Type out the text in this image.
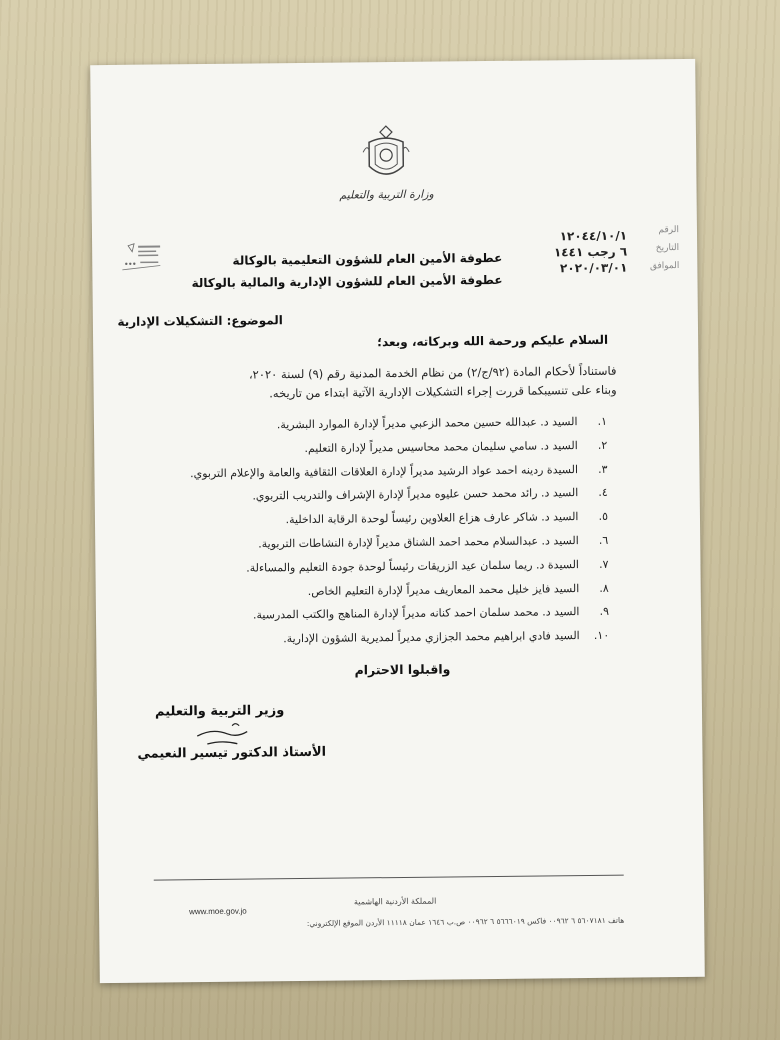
وزارة التربية والتعليم
الرقم
التاريخ
الموافق
١٢٠٤٤/١٠/١
٦ رجب ١٤٤١
٢٠٢٠/٠٣/٠١
عطوفة الأمين العام للشؤون التعليمية بالوكالة
عطوفة الأمين العام للشؤون الإدارية والمالية بالوكالة
الموضوع: التشكيلات الإدارية
السلام عليكم ورحمة الله وبركاته، وبعد؛
فاستناداً لأحكام المادة (٩٢/ج/٢) من نظام الخدمة المدنية رقم (٩) لسنة ٢٠٢٠،
وبناء على تنسيبكما قررت إجراء التشكيلات الإدارية الآتية ابتداء من تاريخه.
١. السيد د. عبدالله حسين محمد الزعبي مديراً لإدارة الموارد البشرية.
٢. السيد د. سامي سليمان محمد محاسيس مديراً لإدارة التعليم.
٣. السيدة ردينه احمد عواد الرشيد مديراً لإدارة العلاقات الثقافية والعامة والإعلام التربوي.
٤. السيد د. رائد محمد حسن عليوه مديراً لإدارة الإشراف والتدريب التربوي.
٥. السيد د. شاكر عارف هزاع العلاوين رئيساً لوحدة الرقابة الداخلية.
٦. السيد د. عبدالسلام محمد احمد الشناق مديراً لإدارة النشاطات التربوية.
٧. السيدة د. ريما سلمان عيد الزريقات رئيساً لوحدة جودة التعليم والمساءلة.
٨. السيد فايز خليل محمد المعاريف مديراً لإدارة التعليم الخاص.
٩. السيد د. محمد سلمان احمد كنانه مديراً لإدارة المناهج والكتب المدرسية.
١٠. السيد فادي ابراهيم محمد الجزازي مديراً لمديرية الشؤون الإدارية.
واقبلوا الاحترام
وزير التربية والتعليم
الأستاذ الدكتور تيسير النعيمي
المملكة الأردنية الهاشمية
www.moe.gov.jo
هاتف ٥٦٠٧١٨١ ٦ ٠٠٩٦٢ فاكس ٥٦٦٦٠١٩ ٦ ٠٠٩٦٢ ص.ب ١٦٤٦ عمان ١١١١٨ الأردن الموقع الإلكتروني:
